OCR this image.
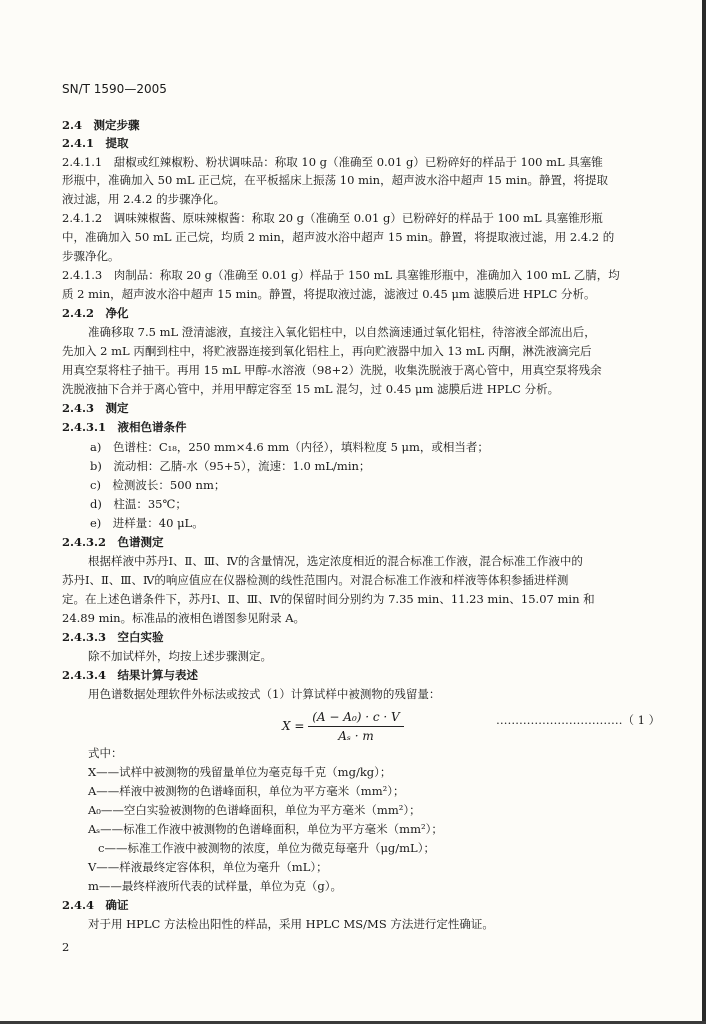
SN/T 1590—2005
2.4　测定步骤
2.4.1　提取
2.4.1.1　甜椒或红辣椒粉、粉状调味品：称取 10 g（准确至 0.01 g）已粉碎好的样品于 100 mL 具塞锥
形瓶中，准确加入 50 mL 正己烷，在平板摇床上振荡 10 min，超声波水浴中超声 15 min。静置，将提取
液过滤，用 2.4.2 的步骤净化。
2.4.1.2　调味辣椒酱、原味辣椒酱：称取 20 g（准确至 0.01 g）已粉碎好的样品于 100 mL 具塞锥形瓶
中，准确加入 50 mL 正己烷，均质 2 min，超声波水浴中超声 15 min。静置，将提取液过滤，用 2.4.2 的
步骤净化。
2.4.1.3　肉制品：称取 20 g（准确至 0.01 g）样品于 150 mL 具塞锥形瓶中，准确加入 100 mL 乙腈，均
质 2 min，超声波水浴中超声 15 min。静置，将提取液过滤，滤液过 0.45 μm 滤膜后进 HPLC 分析。
2.4.2　净化
准确移取 7.5 mL 澄清滤液，直接注入氧化铝柱中，以自然滴速通过氧化铝柱，待溶液全部流出后，
先加入 2 mL 丙酮到柱中，将贮液器连接到氧化铝柱上，再向贮液器中加入 13 mL 丙酮，淋洗液滴完后
用真空泵将柱子抽干。再用 15 mL 甲醇-水溶液（98+2）洗脱，收集洗脱液于离心管中，用真空泵将残余
洗脱液抽下合并于离心管中，并用甲醇定容至 15 mL 混匀，过 0.45 μm 滤膜后进 HPLC 分析。
2.4.3　测定
2.4.3.1　液相色谱条件
a)　色谱柱：C₁₈，250 mm×4.6 mm（内径），填料粒度 5 μm，或相当者；
b)　流动相：乙腈-水（95+5），流速：1.0 mL/min；
c)　检测波长：500 nm；
d)　柱温：35℃；
e)　进样量：40 μL。
2.4.3.2　色谱测定
根据样液中苏丹Ⅰ、Ⅱ、Ⅲ、Ⅳ的含量情况，选定浓度相近的混合标准工作液，混合标准工作液中的
苏丹Ⅰ、Ⅱ、Ⅲ、Ⅳ的响应值应在仪器检测的线性范围内。对混合标准工作液和样液等体积参插进样测
定。在上述色谱条件下，苏丹Ⅰ、Ⅱ、Ⅲ、Ⅳ的保留时间分别约为 7.35 min、11.23 min、15.07 min 和
24.89 min。标准品的液相色谱图参见附录 A。
2.4.3.3　空白实验
除不加试样外，均按上述步骤测定。
2.4.3.4　结果计算与表述
用色谱数据处理软件外标法或按式（1）计算试样中被测物的残留量：
$X = \frac{\text{(A − A₀) · c · V}}{\text{Aₛ · m}}$	……………………………（ 1 ）
式中：
X——试样中被测物的残留量单位为毫克每千克（mg/kg）；
A——样液中被测物的色谱峰面积，单位为平方毫米（mm²）；
A₀——空白实验被测物的色谱峰面积，单位为平方毫米（mm²）；
Aₛ——标准工作液中被测物的色谱峰面积，单位为平方毫米（mm²）；
c——标准工作液中被测物的浓度，单位为微克每毫升（μg/mL）；
V——样液最终定容体积，单位为毫升（mL）；
m——最终样液所代表的试样量，单位为克（g）。
2.4.4　确证
对于用 HPLC 方法检出阳性的样品，采用 HPLC MS/MS 方法进行定性确证。
2
